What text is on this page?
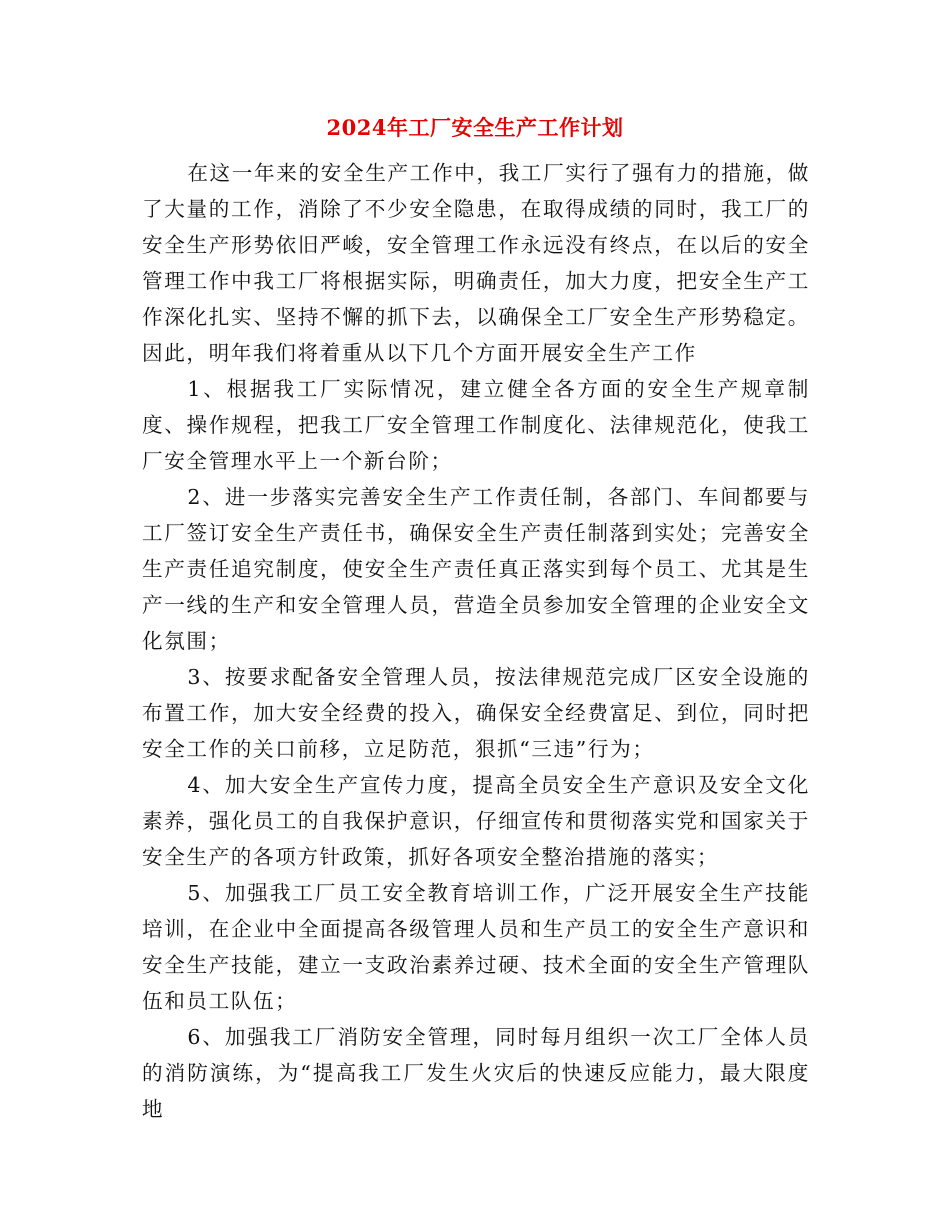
2024年工厂安全生产工作计划

在这一年来的安全生产工作中，我工厂实行了强有力的措施，做了大量的工作，消除了不少安全隐患，在取得成绩的同时，我工厂的安全生产形势依旧严峻，安全管理工作永远没有终点，在以后的安全管理工作中我工厂将根据实际，明确责任，加大力度，把安全生产工作深化扎实、坚持不懈的抓下去，以确保全工厂安全生产形势稳定。因此，明年我们将着重从以下几个方面开展安全生产工作

1、根据我工厂实际情况，建立健全各方面的安全生产规章制度、操作规程，把我工厂安全管理工作制度化、法律规范化，使我工厂安全管理水平上一个新台阶；

2、进一步落实完善安全生产工作责任制，各部门、车间都要与工厂签订安全生产责任书，确保安全生产责任制落到实处；完善安全生产责任追究制度，使安全生产责任真正落实到每个员工、尤其是生产一线的生产和安全管理人员，营造全员参加安全管理的企业安全文化氛围；

3、按要求配备安全管理人员，按法律规范完成厂区安全设施的布置工作，加大安全经费的投入，确保安全经费富足、到位，同时把安全工作的关口前移，立足防范，狠抓“三违”行为；

4、加大安全生产宣传力度，提高全员安全生产意识及安全文化素养，强化员工的自我保护意识，仔细宣传和贯彻落实党和国家关于安全生产的各项方针政策，抓好各项安全整治措施的落实；

5、加强我工厂员工安全教育培训工作，广泛开展安全生产技能培训，在企业中全面提高各级管理人员和生产员工的安全生产意识和安全生产技能，建立一支政治素养过硬、技术全面的安全生产管理队伍和员工队伍；

6、加强我工厂消防安全管理，同时每月组织一次工厂全体人员的消防演练，为“提高我工厂发生火灾后的快速反应能力，最大限度地
